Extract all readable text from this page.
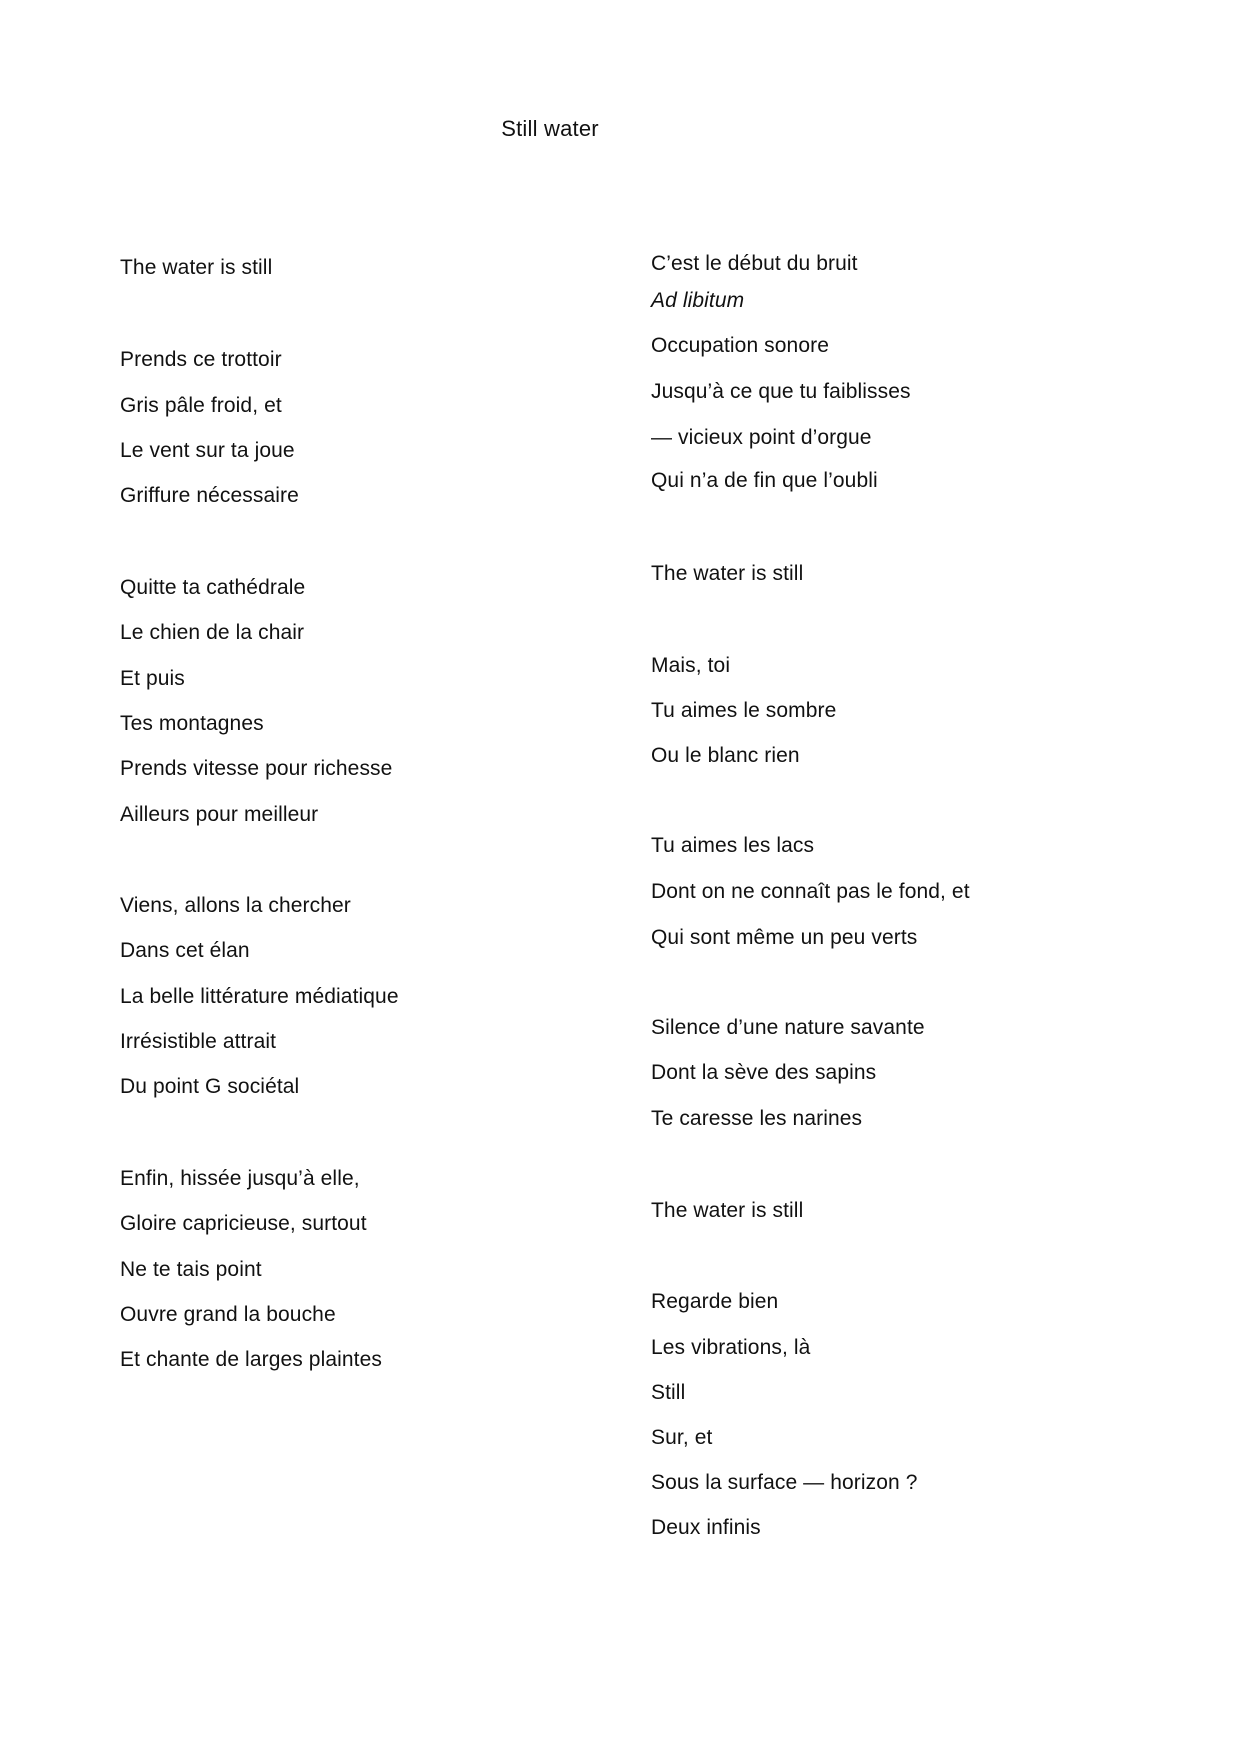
Still water
The water is still
Prends ce trottoir
Gris pâle froid, et
Le vent sur ta joue
Griffure nécessaire
Quitte ta cathédrale
Le chien de la chair
Et puis
Tes montagnes
Prends vitesse pour richesse
Ailleurs pour meilleur
Viens, allons la chercher
Dans cet élan
La belle littérature médiatique
Irrésistible attrait
Du point G sociétal
Enfin, hissée jusqu’à elle,
Gloire capricieuse, surtout
Ne te tais point
Ouvre grand la bouche
Et chante de larges plaintes
C’est le début du bruit
Ad libitum
Occupation sonore
Jusqu’à ce que tu faiblisses
— vicieux point d’orgue
Qui n’a de fin que l’oubli
The water is still
Mais, toi
Tu aimes le sombre
Ou le blanc rien
Tu aimes les lacs
Dont on ne connaît pas le fond, et
Qui sont même un peu verts
Silence d’une nature savante
Dont la sève des sapins
Te caresse les narines
The water is still
Regarde bien
Les vibrations, là
Still
Sur, et
Sous la surface — horizon ?
Deux infinis
